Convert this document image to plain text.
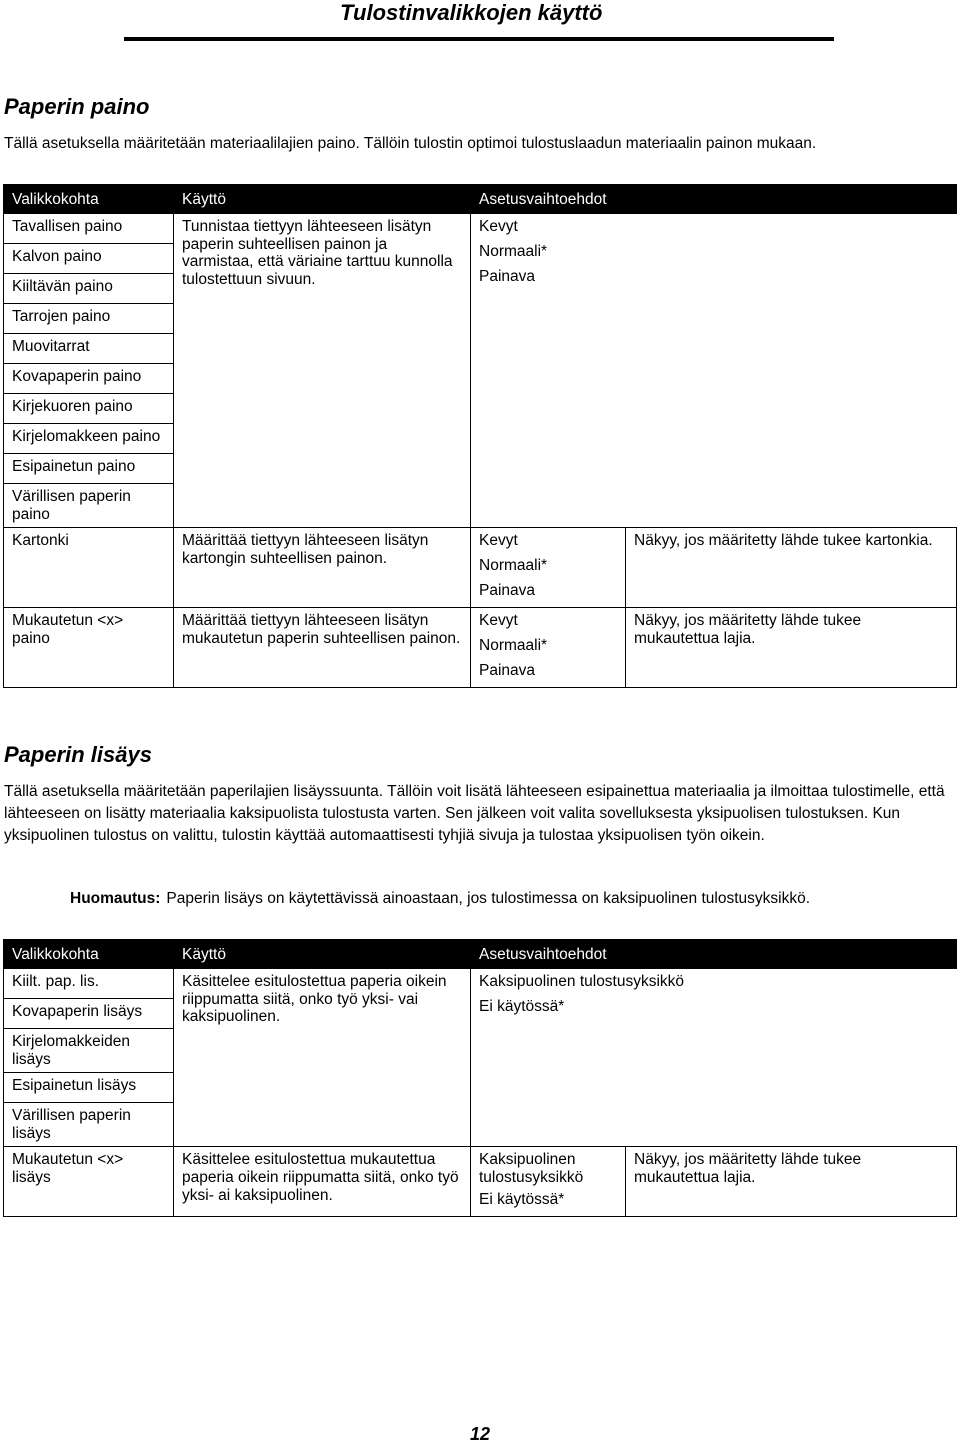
Tulostinvalikkojen käyttö
Paperin paino
Tällä asetuksella määritetään materiaalilajien paino. Tällöin tulostin optimoi tulostuslaadun materiaalin painon mukaan.
Valikkokohta	Käyttö	Asetusvaihtoehdot	
Tavallisen paino	Tunnistaa tiettyyn lähteeseen lisätyn paperin suhteellisen painon ja varmistaa, että väriaine tarttuu kunnolla tulostettuun sivuun.	Kevyt
Normaali*
Painava	

Kalvon paino			
Kiiltävän paino			
Tarrojen paino			
Muovitarrat			
Kovapaperin paino			
Kirjekuoren paino			
Kirjelomakkeen paino			
Esipainetun paino			
Värillisen paperin paino			
Kartonki	Määrittää tiettyyn lähteeseen lisätyn kartongin suhteellisen painon.	Kevyt
Normaali*
Painava	Näkyy, jos määritetty lähde tukee kartonkia.
Mukautetun <x> paino	Määrittää tiettyyn lähteeseen lisätyn mukautetun paperin suhteellisen painon.	Kevyt
Normaali*
Painava	Näkyy, jos määritetty lähde tukee mukautettua lajia.
Paperin lisäys
Tällä asetuksella määritetään paperilajien lisäyssuunta. Tällöin voit lisätä lähteeseen esipainettua materiaalia ja ilmoittaa tulostimelle, että lähteeseen on lisätty materiaalia kaksipuolista tulostusta varten. Sen jälkeen voit valita sovelluksesta yksipuolisen tulostuksen. Kun yksipuolinen tulostus on valittu, tulostin käyttää automaattisesti tyhjiä sivuja ja tulostaa yksipuolisen työn oikein.
Huomautus: Paperin lisäys on käytettävissä ainoastaan, jos tulostimessa on kaksipuolinen tulostusyksikkö.
Valikkokohta	Käyttö	Asetusvaihtoehdot	
Kiilt. pap. lis.	Käsittelee esitulostettua paperia oikein riippumatta siitä, onko työ yksi- vai kaksipuolinen.	Kaksipuolinen tulostusyksikkö
Ei käytössä*	

Kovapaperin lisäys			
Kirjelomakkeiden lisäys			
Esipainetun lisäys			
Värillisen paperin lisäys			
Mukautetun <x> lisäys	Käsittelee esitulostettua mukautettua paperia oikein riippumatta siitä, onko työ yksi- ai kaksipuolinen.	Kaksipuolinen tulostusyksikkö
Ei käytössä*	Näkyy, jos määritetty lähde tukee mukautettua lajia.
12
